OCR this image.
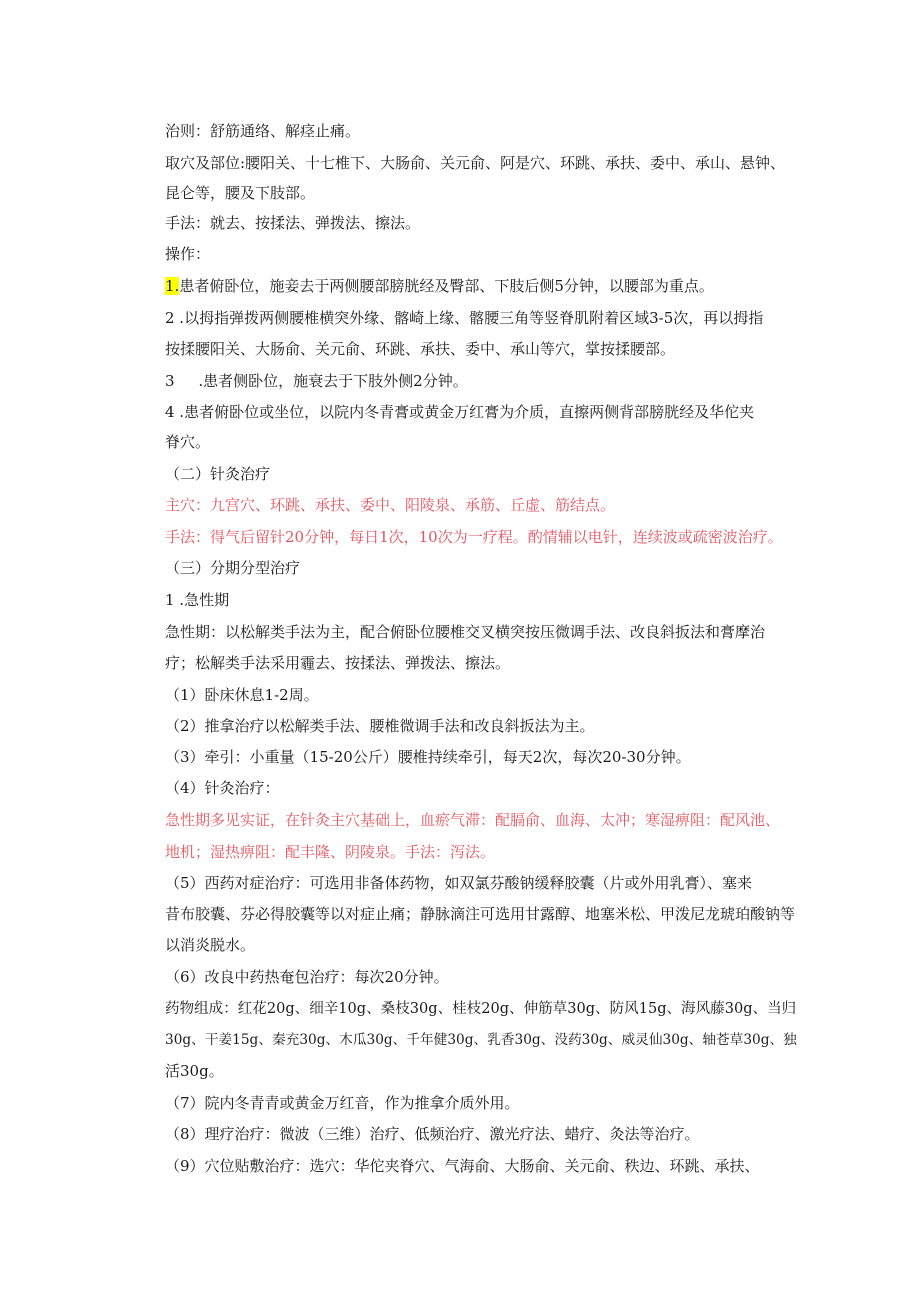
治则：舒筋通络、解痉止痛。
取穴及部位:腰阳关、十七椎下、大肠俞、关元俞、阿是穴、环跳、承扶、委中、承山、悬钟、
昆仑等，腰及下肢部。
手法：就去、按揉法、弹拨法、擦法。
操作：
1.患者俯卧位，施妾去于两侧腰部膀胱经及臀部、下肢后侧5分钟，以腰部为重点。
2 .以拇指弹拨两侧腰椎横突外缘、髂崎上缘、髂腰三角等竖脊肌附着区域3-5次，再以拇指
按揉腰阳关、大肠俞、关元俞、环跳、承扶、委中、承山等穴，掌按揉腰部。
3     .患者侧卧位，施衰去于下肢外侧2分钟。
4 .患者俯卧位或坐位，以院内冬青膏或黄金万红膏为介质，直擦两侧背部膀胱经及华佗夹
脊穴。
（二）针灸治疗
主穴：九宫穴、环跳、承扶、委中、阳陵泉、承筋、丘虚、筋结点。
手法：得气后留针20分钟，每日1次，10次为一疗程。酌情辅以电针，连续波或疏密波治疗。
（三）分期分型治疗
1 .急性期
急性期：以松解类手法为主，配合俯卧位腰椎交叉横突按压微调手法、改良斜扳法和膏摩治
疗；松解类手法采用霾去、按揉法、弹拨法、擦法。
（1）卧床休息1-2周。
（2）推拿治疗以松解类手法、腰椎微调手法和改良斜扳法为主。
（3）牵引：小重量（15-20公斤）腰椎持续牵引，每天2次，每次20-30分钟。
（4）针灸治疗：
急性期多见实证，在针灸主穴基础上，血瘀气滞：配膈俞、血海、太冲；寒湿痹阻：配风池、
地机；湿热痹阻：配丰隆、阴陵泉。手法：泻法。
（5）西药对症治疗：可选用非备体药物，如双氯芬酸钠缓释胶囊（片或外用乳膏）、塞来
昔布胶囊、芬必得胶囊等以对症止痛；静脉滴注可选用甘露醇、地塞米松、甲泼尼龙琥珀酸钠等
以消炎脱水。
（6）改良中药热奄包治疗：每次20分钟。
药物组成：红花20g、细辛10g、桑枝30g、桂枝20g、伸筋草30g、防风15g、海风藤30g、当归
30g、干姜15g、秦充30g、木瓜30g、千年健30g、乳香30g、没药30g、威灵仙30g、轴苍草30g、独
活30g。
（7）院内冬青青或黄金万红音，作为推拿介质外用。
（8）理疗治疗：微波（三维）治疗、低频治疗、激光疗法、蜡疗、灸法等治疗。
（9）穴位贴敷治疗：选穴：华佗夹脊穴、气海俞、大肠俞、关元俞、秩边、环跳、承扶、
